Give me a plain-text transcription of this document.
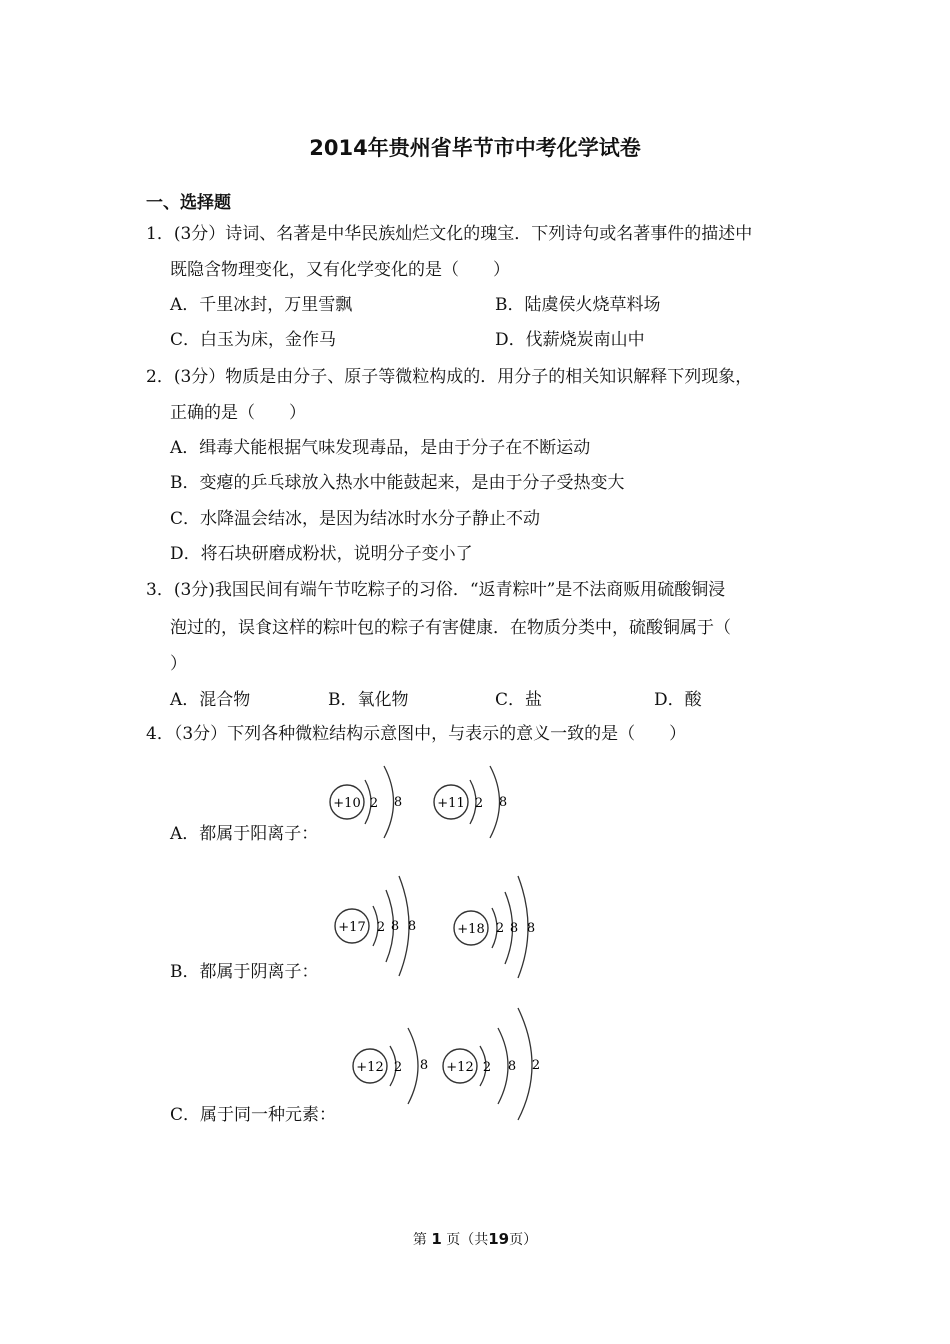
2014年贵州省毕节市中考化学试卷
一、选择题
1．(3分）诗词、名著是中华民族灿烂文化的瑰宝．下列诗句或名著事件的描述中
既隐含物理变化，又有化学变化的是（　　）
A．千里冰封，万里雪飘	B．陆虞侯火烧草料场
C．白玉为床，金作马	D．伐薪烧炭南山中
2．(3分）物质是由分子、原子等微粒构成的．用分子的相关知识解释下列现象，
正确的是（　　）
A．缉毒犬能根据气味发现毒品，是由于分子在不断运动
B．变瘪的乒乓球放入热水中能鼓起来，是由于分子受热变大
C．水降温会结冰，是因为结冰时水分子静止不动
D．将石块研磨成粉状，说明分子变小了
3．(3分)我国民间有端午节吃粽子的习俗．“返青粽叶”是不法商贩用硫酸铜浸
泡过的，误食这样的粽叶包的粽子有害健康．在物质分类中，硫酸铜属于（
）
A．混合物	B．氧化物	C．盐	D．酸
4．（3分）下列各种微粒结构示意图中，与表示的意义一致的是（　　）
+10 2 8	+11 2 8
A．都属于阳离子：
+17 2 8 8	+18 2 8 8
B．都属于阴离子：
+12 2 8 +12 2 8 2
C．属于同一种元素：
第 1 页（共19页）
